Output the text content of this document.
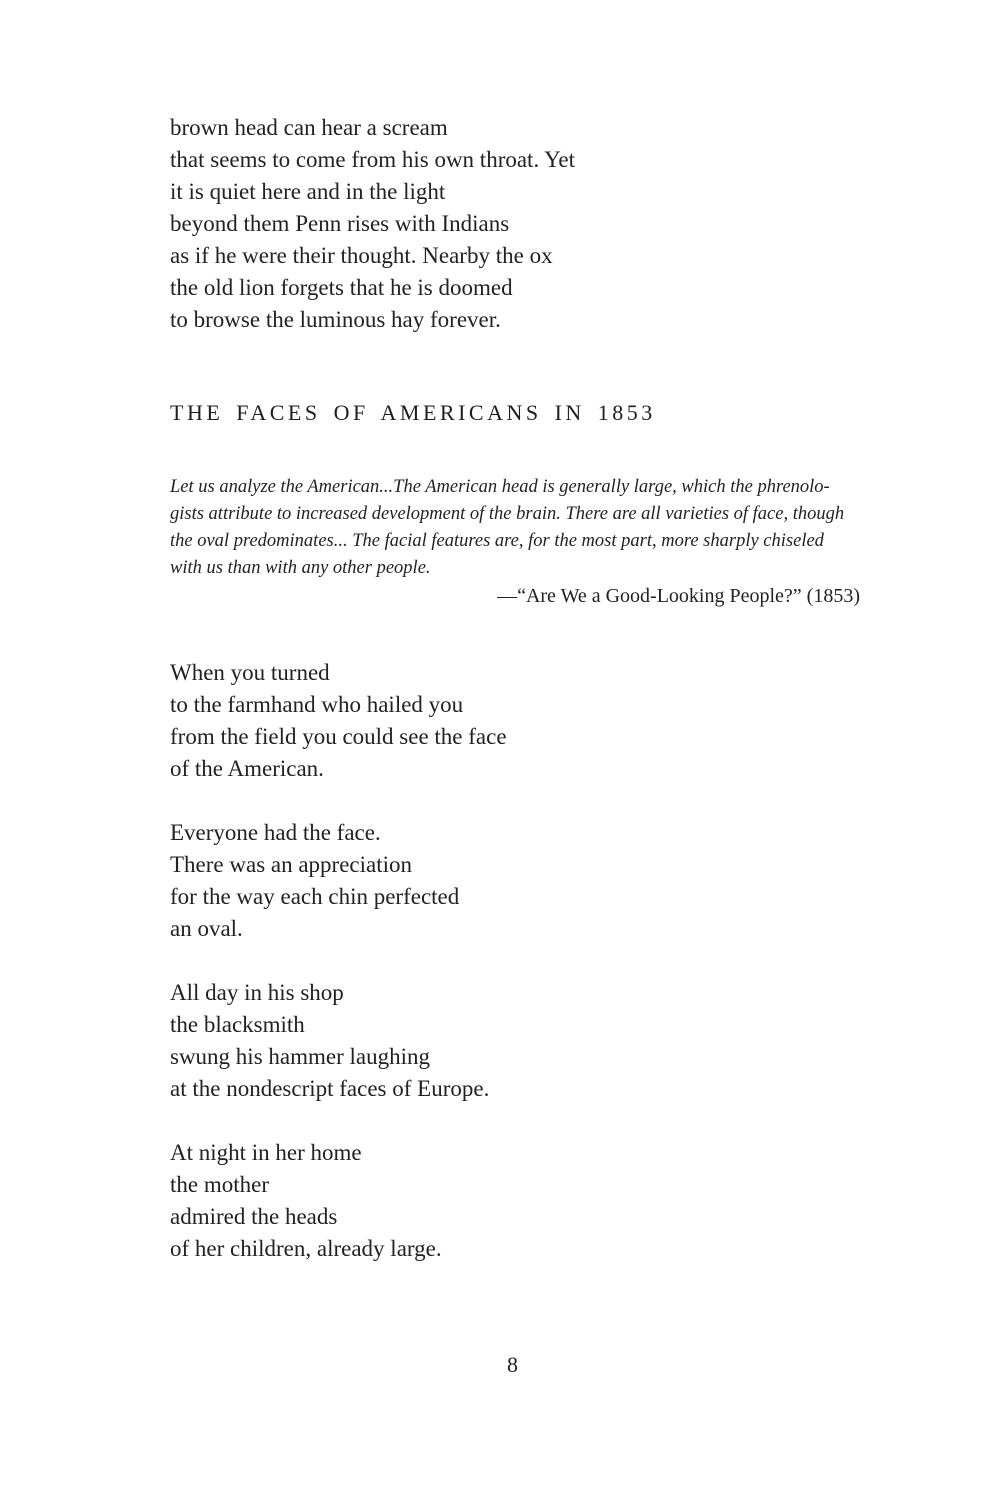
brown head can hear a scream
that seems to come from his own throat. Yet
it is quiet here and in the light
beyond them Penn rises with Indians
as if he were their thought. Nearby the ox
the old lion forgets that he is doomed
to browse the luminous hay forever.
THE FACES OF AMERICANS IN 1853
Let us analyze the American...The American head is generally large, which the phrenolo-
gists attribute to increased development of the brain. There are all varieties of face, though
the oval predominates... The facial features are, for the most part, more sharply chiseled
with us than with any other people.
—“Are We a Good-Looking People?” (1853)
When you turned
to the farmhand who hailed you
from the field you could see the face
of the American.
Everyone had the face.
There was an appreciation
for the way each chin perfected
an oval.
All day in his shop
the blacksmith
swung his hammer laughing
at the nondescript faces of Europe.
At night in her home
the mother
admired the heads
of her children, already large.
8
